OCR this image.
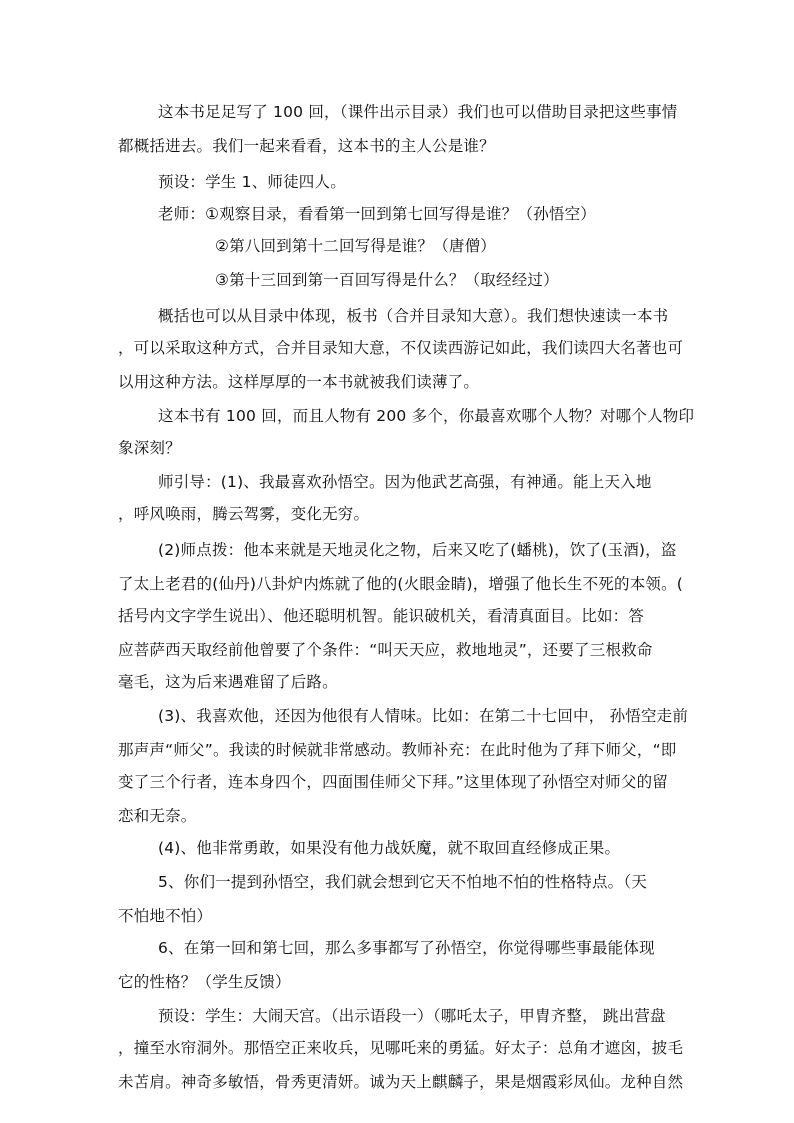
这本书足足写了 100 回，（课件出示目录）我们也可以借助目录把这些事情
都概括进去。我们一起来看看，这本书的主人公是谁？
预设：学生 1、师徒四人。
老师：①观察目录，看看第一回到第七回写得是谁？（孙悟空）
②第八回到第十二回写得是谁？（唐僧）
③第十三回到第一百回写得是什么？（取经经过）
概括也可以从目录中体现，板书（合并目录知大意）。我们想快速读一本书
，可以采取这种方式，合并目录知大意，不仅读西游记如此，我们读四大名著也可
以用这种方法。这样厚厚的一本书就被我们读薄了。
这本书有 100 回，而且人物有 200 多个，你最喜欢哪个人物？对哪个人物印
象深刻？
师引导：(1)、我最喜欢孙悟空。因为他武艺高强，有神通。能上天入地
，呼风唤雨，腾云驾雾，变化无穷。
(2)师点拨：他本来就是天地灵化之物，后来又吃了(蟠桃)，饮了(玉酒)，盗
了太上老君的(仙丹)八卦炉内炼就了他的(火眼金睛)，增强了他长生不死的本领。(
括号内文字学生说出）、他还聪明机智。能识破机关，看清真面目。比如：答
应菩萨西天取经前他曾要了个条件：“叫天天应，救地地灵”，还要了三根救命
毫毛，这为后来遇难留了后路。
(3)、我喜欢他，还因为他很有人情味。比如：在第二十七回中， 孙悟空走前
那声声“师父”。我读的时候就非常感动。教师补充：在此时他为了拜下师父，“即
变了三个行者，连本身四个，四面围佳师父下拜。”这里体现了孙悟空对师父的留
恋和无奈。
(4)、他非常勇敢，如果没有他力战妖魔，就不取回直经修成正果。
5、你们一提到孙悟空，我们就会想到它天不怕地不怕的性格特点。（天
不怕地不怕）
6、在第一回和第七回，那么多事都写了孙悟空，你觉得哪些事最能体现
它的性格？（学生反馈）
预设：学生：大闹天宫。（出示语段一）（哪吒太子，甲胄齐整， 跳出营盘
，撞至水帘洞外。那悟空正来收兵，见哪吒来的勇猛。好太子：总角才遮囟，披毛
未苫肩。神奇多敏悟，骨秀更清妍。诚为天上麒麟子，果是烟霞彩凤仙。龙种自然
